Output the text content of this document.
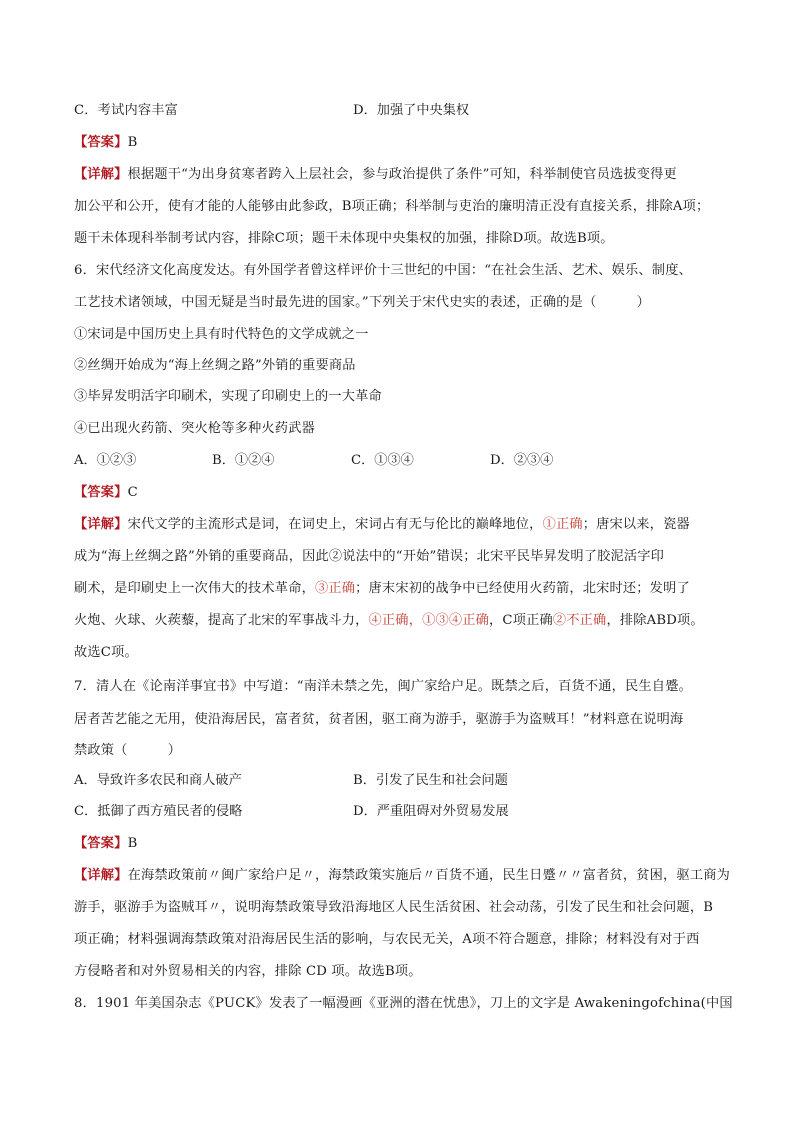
C．考试内容丰富	D．加强了中央集权
【答案】B
【详解】根据题干“为出身贫寒者跨入上层社会，参与政治提供了条件”可知，科举制使官员选拔变得更
加公平和公开，使有才能的人能够由此参政，B项正确；科举制与吏治的廉明清正没有直接关系，排除A项；
题干未体现科举制考试内容，排除C项；题干未体现中央集权的加强，排除D项。故选B项。
6．宋代经济文化高度发达。有外国学者曾这样评价十三世纪的中国：“在社会生活、艺术、娱乐、制度、
工艺技术诸领域，中国无疑是当时最先进的国家。”下列关于宋代史实的表述，正确的是（　　　）
①宋词是中国历史上具有时代特色的文学成就之一
②丝绸开始成为“海上丝绸之路”外销的重要商品
③毕昇发明活字印刷术，实现了印刷史上的一大革命
④已出现火药箭、突火枪等多种火药武器
A．①②③	B．①②④	C．①③④	D．②③④
【答案】C
【详解】宋代文学的主流形式是词，在词史上，宋词占有无与伦比的巅峰地位，①正确；唐宋以来，瓷器
成为“海上丝绸之路”外销的重要商品，因此②说法中的“开始”错误；北宋平民毕昇发明了胶泥活字印
刷术，是印刷史上一次伟大的技术革命，③正确；唐末宋初的战争中已经使用火药箭，北宋时还；发明了
火炮、火球、火蒺藜，提高了北宋的军事战斗力，④正确，①③④正确，C项正确②不正确，排除ABD项。
故选C项。
7．清人在《论南洋事宜书》中写道：“南洋未禁之先，闽广家给户足。既禁之后，百货不通，民生自蹙。
居者苦艺能之无用，使沿海居民，富者贫，贫者困，驱工商为游手，驱游手为盗贼耳！”材料意在说明海
禁政策（　　　）
A．导致许多农民和商人破产	B．引发了民生和社会问题
C．抵御了西方殖民者的侵略	D．严重阻碍对外贸易发展
【答案】B
【详解】在海禁政策前〃闽广家给户足〃，海禁政策实施后〃百货不通，民生日蹙〃〃富者贫，贫困，驱工商为
游手，驱游手为盗贼耳〃，说明海禁政策导致沿海地区人民生活贫困、社会动荡，引发了民生和社会问题，B
项正确；材料强调海禁政策对沿海居民生活的影响，与农民无关，A项不符合题意，排除；材料没有对于西
方侵略者和对外贸易相关的内容，排除 CD 项。故选B项。
8．1901 年美国杂志《PUCK》发表了一幅漫画《亚洲的潜在忧患》，刀上的文字是 Awakeningofchina(中国
